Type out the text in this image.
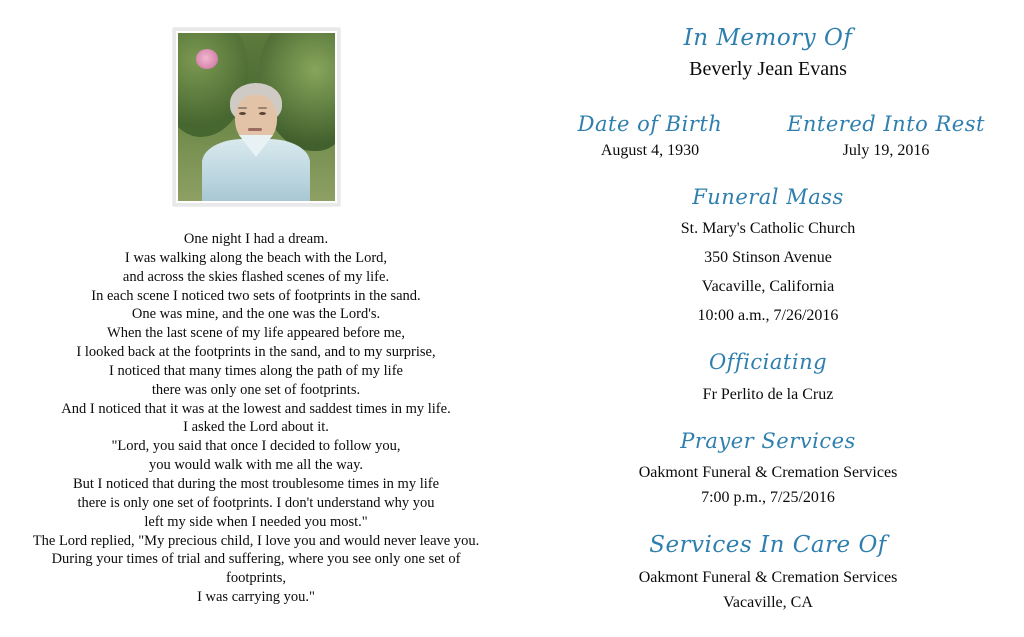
One night I had a dream.
I was walking along the beach with the Lord,
and across the skies flashed scenes of my life.
In each scene I noticed two sets of footprints in the sand.
One was mine, and the one was the Lord's.
When the last scene of my life appeared before me,
I looked back at the footprints in the sand, and to my surprise,
I noticed that many times along the path of my life
there was only one set of footprints.
And I noticed that it was at the lowest and saddest times in my life.
I asked the Lord about it.
"Lord, you said that once I decided to follow you,
you would walk with me all the way.
But I noticed that during the most troublesome times in my life
there is only one set of footprints. I don't understand why you
left my side when I needed you most."
The Lord replied, "My precious child, I love you and would never leave you.
During your times of trial and suffering, where you see only one set of footprints,
I was carrying you."
In Memory Of
Beverly Jean Evans
Date of Birth
August 4, 1930
Entered Into Rest
July 19, 2016
Funeral Mass
St. Mary's Catholic Church
350 Stinson Avenue
Vacaville, California
10:00 a.m., 7/26/2016
Officiating
Fr Perlito de la Cruz
Prayer Services
Oakmont Funeral & Cremation Services
7:00 p.m., 7/25/2016
Services In Care Of
Oakmont Funeral & Cremation Services
Vacaville, CA
